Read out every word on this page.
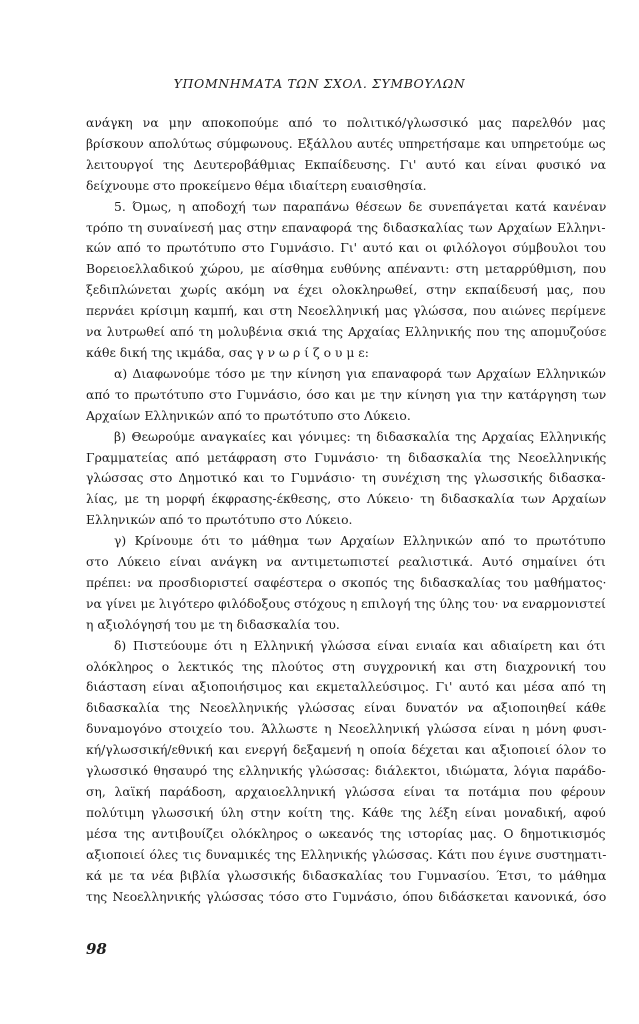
ΥΠΟΜΝΗΜΑΤΑ ΤΩΝ ΣΧΟΛ. ΣΥΜΒΟΥΛΩΝ
ανάγκη να μην αποκοπούμε από το πολιτικό/γλωσσικό μας παρελθόν μας
βρίσκουν απολύτως σύμφωνους. Εξάλλου αυτές υπηρετήσαμε και υπηρετούμε ως
λειτουργοί της Δευτεροβάθμιας Εκπαίδευσης. Γι' αυτό και είναι φυσικό να
δείχνουμε στο προκείμενο θέμα ιδιαίτερη ευαισθησία.
5. Όμως, η αποδοχή των παραπάνω θέσεων δε συνεπάγεται κατά κανέναν
τρόπο τη συναίνεσή μας στην επαναφορά της διδασκαλίας των Αρχαίων Ελληνι-
κών από το πρωτότυπο στο Γυμνάσιο. Γι' αυτό και οι φιλόλογοι σύμβουλοι του
Βορειοελλαδικού χώρου, με αίσθημα ευθύνης απέναντι: στη μεταρρύθμιση, που
ξεδιπλώνεται χωρίς ακόμη να έχει ολοκληρωθεί, στην εκπαίδευσή μας, που
περνάει κρίσιμη καμπή, και στη Νεοελληνική μας γλώσσα, που αιώνες περίμενε
να λυτρωθεί από τη μολυβένια σκιά της Αρχαίας Ελληνικής που της απομυζούσε
κάθε δική της ικμάδα, σας γ ν ω ρ ί ζ ο υ μ ε:
α) Διαφωνούμε τόσο με την κίνηση για επαναφορά των Αρχαίων Ελληνικών
από το πρωτότυπο στο Γυμνάσιο, όσο και με την κίνηση για την κατάργηση των
Αρχαίων Ελληνικών από το πρωτότυπο στο Λύκειο.
β) Θεωρούμε αναγκαίες και γόνιμες: τη διδασκαλία της Αρχαίας Ελληνικής
Γραμματείας από μετάφραση στο Γυμνάσιο· τη διδασκαλία της Νεοελληνικής
γλώσσας στο Δημοτικό και το Γυμνάσιο· τη συνέχιση της γλωσσικής διδασκα-
λίας, με τη μορφή έκφρασης-έκθεσης, στο Λύκειο· τη διδασκαλία των Αρχαίων
Ελληνικών από το πρωτότυπο στο Λύκειο.
γ) Κρίνουμε ότι το μάθημα των Αρχαίων Ελληνικών από το πρωτότυπο
στο Λύκειο είναι ανάγκη να αντιμετωπιστεί ρεαλιστικά. Αυτό σημαίνει ότι
πρέπει: να προσδιοριστεί σαφέστερα ο σκοπός της διδασκαλίας του μαθήματος·
να γίνει με λιγότερο φιλόδοξους στόχους η επιλογή της ύλης του· να εναρμονιστεί
η αξιολόγησή του με τη διδασκαλία του.
δ) Πιστεύουμε ότι η Ελληνική γλώσσα είναι ενιαία και αδιαίρετη και ότι
ολόκληρος ο λεκτικός της πλούτος στη συγχρονική και στη διαχρονική του
διάσταση είναι αξιοποιήσιμος και εκμεταλλεύσιμος. Γι' αυτό και μέσα από τη
διδασκαλία της Νεοελληνικής γλώσσας είναι δυνατόν να αξιοποιηθεί κάθε
δυναμογόνο στοιχείο του. Άλλωστε η Νεοελληνική γλώσσα είναι η μόνη φυσι-
κή/γλωσσική/εθνική και ενεργή δεξαμενή η οποία δέχεται και αξιοποιεί όλον το
γλωσσικό θησαυρό της ελληνικής γλώσσας: διάλεκτοι, ιδιώματα, λόγια παράδο-
ση, λαϊκή παράδοση, αρχαιοελληνική γλώσσα είναι τα ποτάμια που φέρουν
πολύτιμη γλωσσική ύλη στην κοίτη της. Κάθε της λέξη είναι μοναδική, αφού
μέσα της αντιβουίζει ολόκληρος ο ωκεανός της ιστορίας μας. Ο δημοτικισμός
αξιοποιεί όλες τις δυναμικές της Ελληνικής γλώσσας. Κάτι που έγινε συστηματι-
κά με τα νέα βιβλία γλωσσικής διδασκαλίας του Γυμνασίου. Έτσι, το μάθημα
της Νεοελληνικής γλώσσας τόσο στο Γυμνάσιο, όπου διδάσκεται κανονικά, όσο
98
